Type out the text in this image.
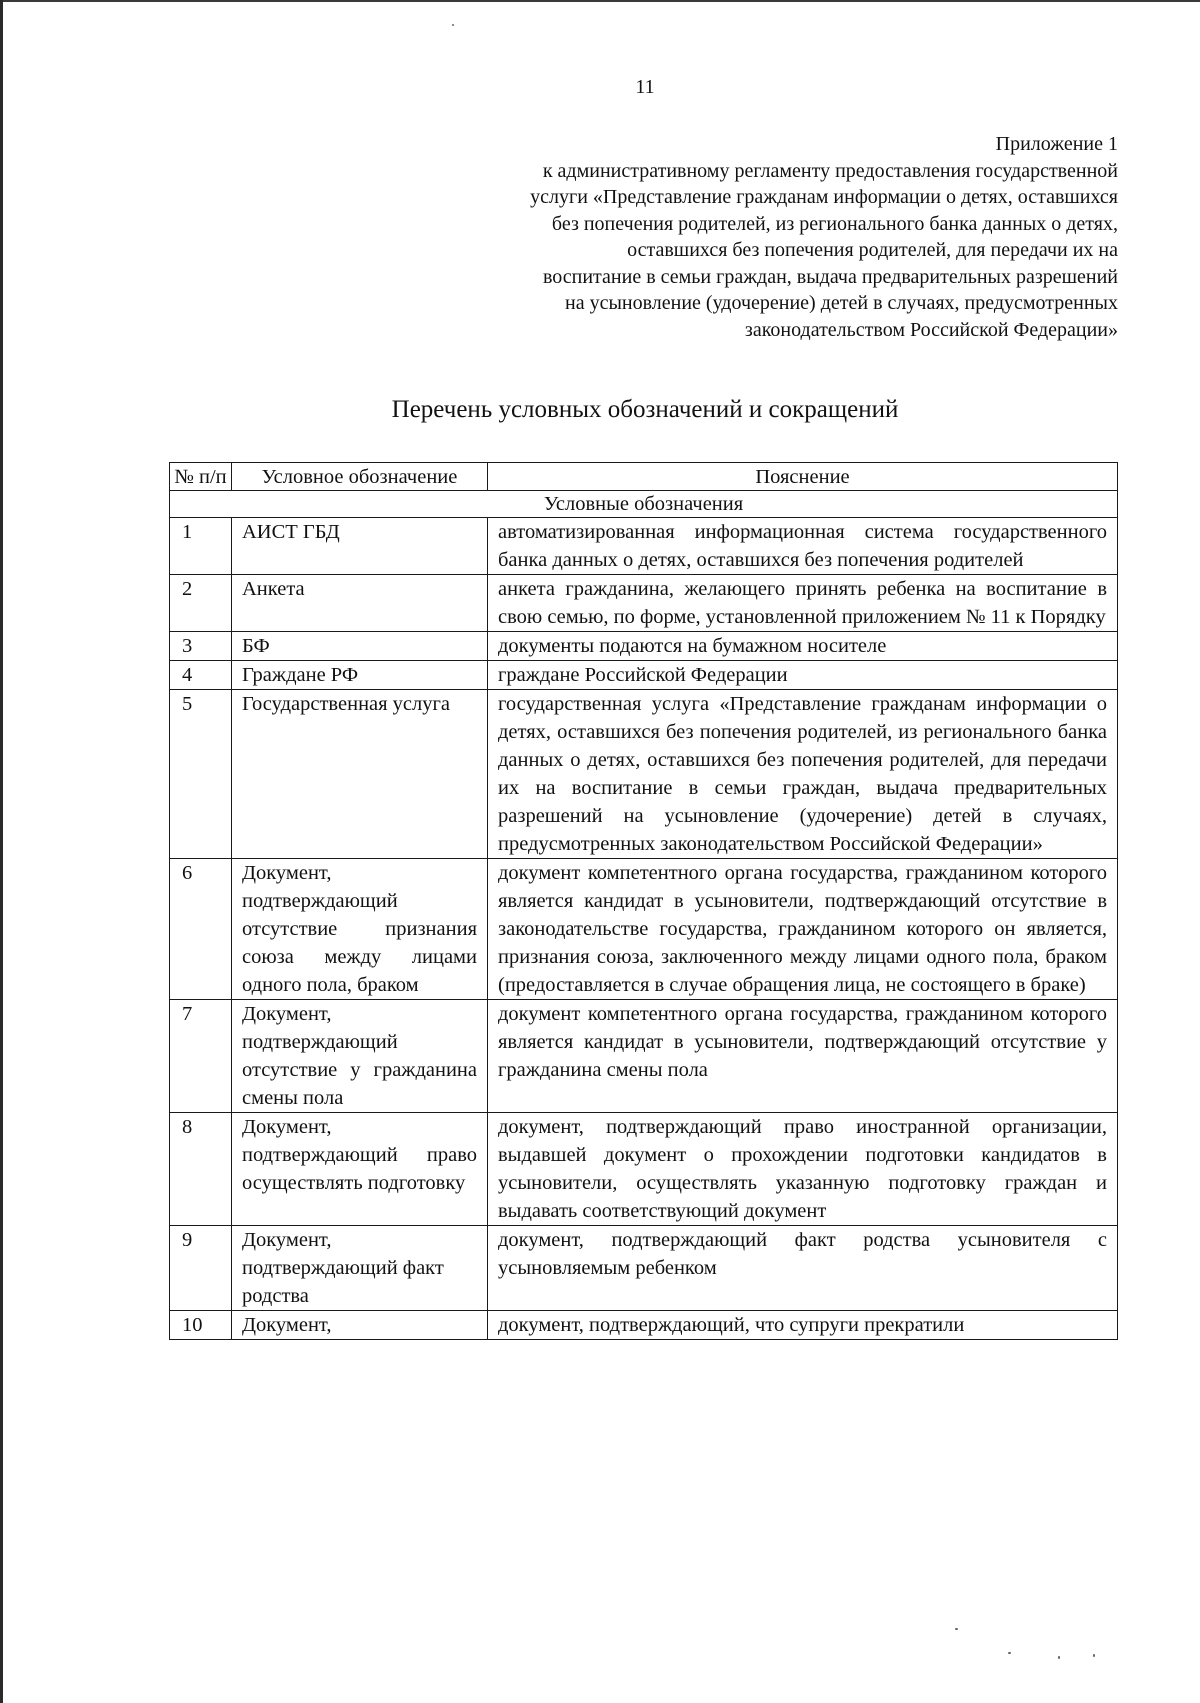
11
Приложение 1
к административному регламенту предоставления государственной
услуги «Представление гражданам информации о детях, оставшихся
без попечения родителей, из регионального банка данных о детях,
оставшихся без попечения родителей, для передачи их на
воспитание в семьи граждан, выдача предварительных разрешений
на усыновление (удочерение) детей в случаях, предусмотренных
законодательством Российской Федерации»
Перечень условных обозначений и сокращений
№ п/п	Условное обозначение	Пояснение
Условные обозначения		
1	АИСТ ГБД	автоматизированная информационная система государственного банка данных о детях, оставшихся без попечения родителей
2	Анкета	анкета гражданина, желающего принять ребенка на воспитание в свою семью, по форме, установленной приложением № 11 к Порядку
3	БФ	документы подаются на бумажном носителе
4	Граждане РФ	граждане Российской Федерации
5	Государственная услуга	государственная услуга «Представление гражданам информации о детях, оставшихся без попечения родителей, из регионального банка данных о детях, оставшихся без попечения родителей, для передачи их на воспитание в семьи граждан, выдача предварительных разрешений на усыновление (удочерение) детей в случаях, предусмотренных законодательством Российской Федерации»
6	Документ, подтверждающий отсутствие признания союза между лицами одного пола, браком	документ компетентного органа государства, гражданином которого является кандидат в усыновители, подтверждающий отсутствие в законодательстве государства, гражданином которого он является, признания союза, заключенного между лицами одного пола, браком (предоставляется в случае обращения лица, не состоящего в браке)
7	Документ, подтверждающий отсутствие у гражданина смены пола	документ компетентного органа государства, гражданином которого является кандидат в усыновители, подтверждающий отсутствие у гражданина смены пола
8	Документ, подтверждающий право осуществлять подготовку	документ, подтверждающий право иностранной организации, выдавшей документ о прохождении подготовки кандидатов в усыновители, осуществлять указанную подготовку граждан и выдавать соответствующий документ
9	Документ, подтверждающий факт родства	документ, подтверждающий факт родства усыновителя с усыновляемым ребенком
10	Документ,	документ, подтверждающий, что супруги прекратили
